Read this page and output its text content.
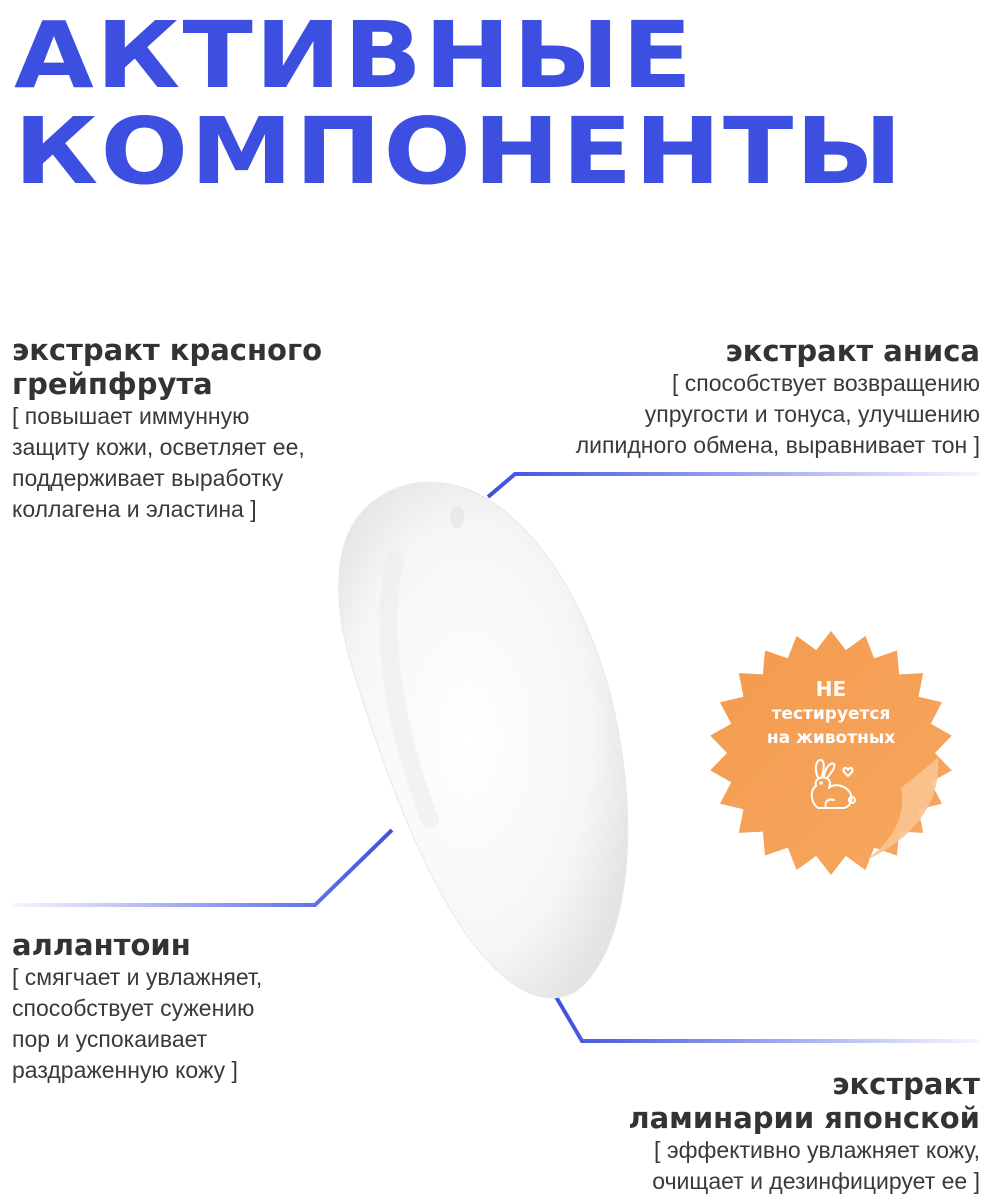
АКТИВНЫЕ
КОМПОНЕНТЫ
экстракт красного
грейпфрута
[ повышает иммунную
защиту кожи, осветляет ее,
поддерживает выработку
коллагена и эластина ]
экстракт аниса
[ способствует возвращению
упругости и тонуса, улучшению
липидного обмена, выравнивает тон ]
аллантоин
[ смягчает и увлажняет,
способствует сужению
пор и успокаивает
раздраженную кожу ]	экстракт
ламинарии японской
[ эффективно увлажняет кожу,
очищает и дезинфицирует ее ]
НЕ
тестируется
на животных
